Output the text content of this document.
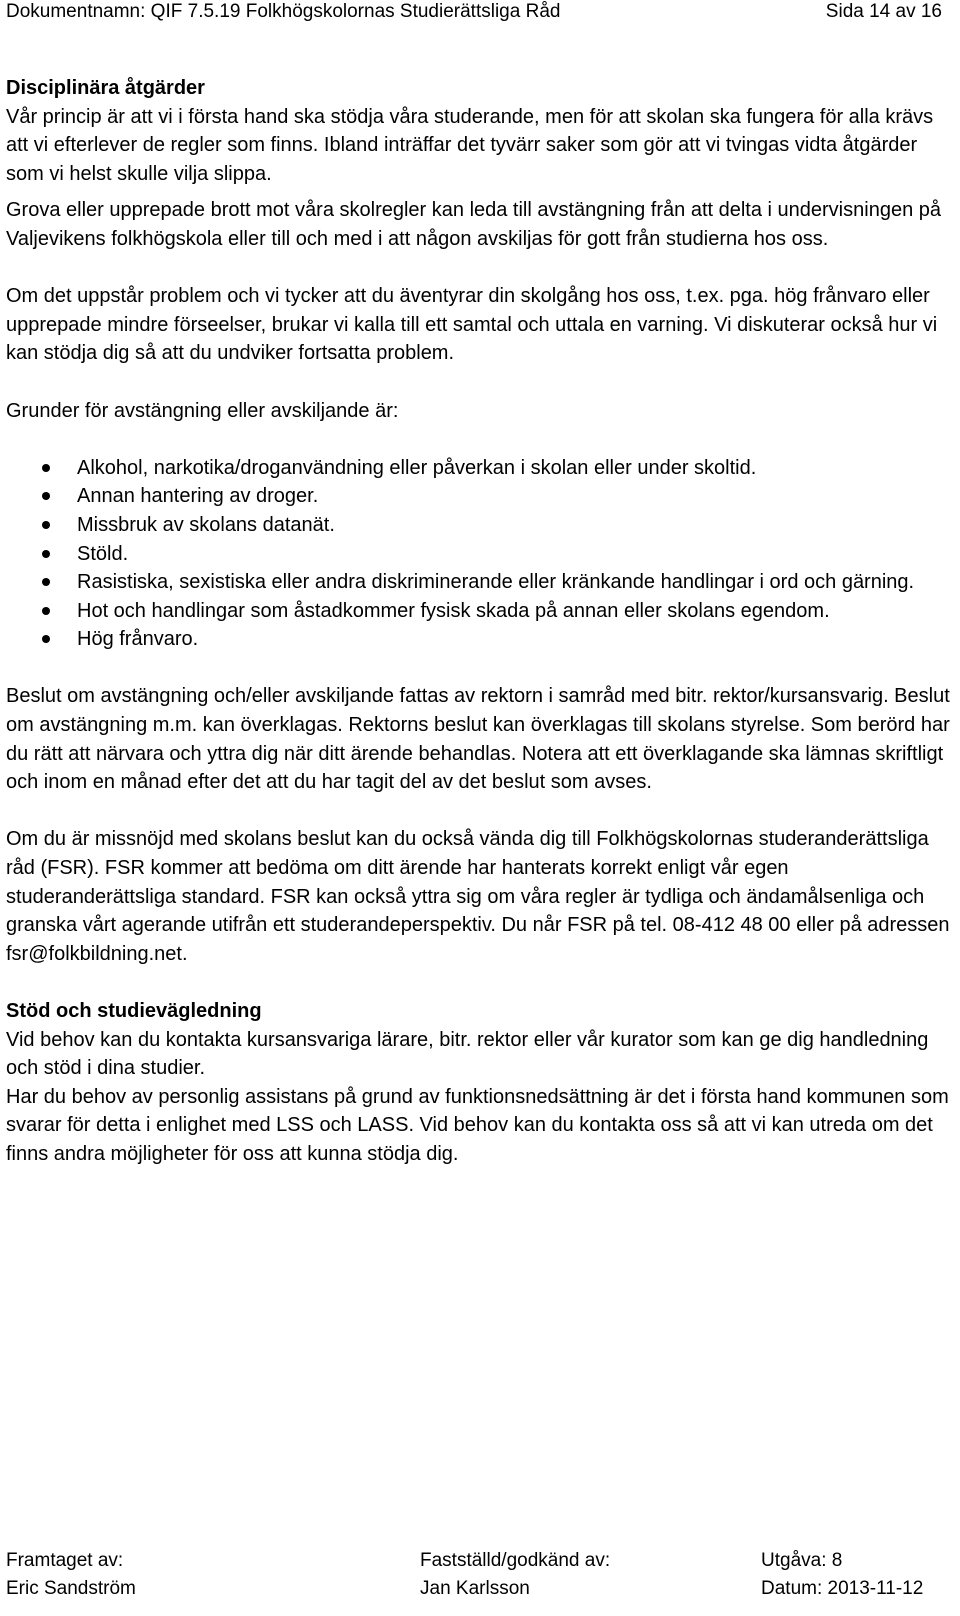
Dokumentnamn: QIF 7.5.19 Folkhögskolornas Studierättsliga Råd	Sida 14 av 16
Disciplinära åtgärder

Vår princip är att vi i första hand ska stödja våra studerande, men för att skolan ska fungera för alla krävs att vi efterlever de regler som finns. Ibland inträffar det tyvärr saker som gör att vi tvingas vidta åtgärder som vi helst skulle vilja slippa.

Grova eller upprepade brott mot våra skolregler kan leda till avstängning från att delta i undervisningen på Valjevikens folkhögskola eller till och med i att någon avskiljas för gott från studierna hos oss.

Om det uppstår problem och vi tycker att du äventyrar din skolgång hos oss, t.ex. pga. hög frånvaro eller upprepade mindre förseelser, brukar vi kalla till ett samtal och uttala en varning. Vi diskuterar också hur vi kan stödja dig så att du undviker fortsatta problem.

Grunder för avstängning eller avskiljande är:

Alkohol, narkotika/droganvändning eller påverkan i skolan eller under skoltid.
Annan hantering av droger.
Missbruk av skolans datanät.
Stöld.
Rasistiska, sexistiska eller andra diskriminerande eller kränkande handlingar i ord och gärning.
Hot och handlingar som åstadkommer fysisk skada på annan eller skolans egendom.
Hög frånvaro.

Beslut om avstängning och/eller avskiljande fattas av rektorn i samråd med bitr. rektor/kursansvarig. Beslut om avstängning m.m. kan överklagas. Rektorns beslut kan överklagas till skolans styrelse. Som berörd har du rätt att närvara och yttra dig när ditt ärende behandlas. Notera att ett överklagande ska lämnas skriftligt och inom en månad efter det att du har tagit del av det beslut som avses.

Om du är missnöjd med skolans beslut kan du också vända dig till Folkhögskolornas studeranderättsliga råd (FSR). FSR kommer att bedöma om ditt ärende har hanterats korrekt enligt vår egen studeranderättsliga standard. FSR kan också yttra sig om våra regler är tydliga och ändamålsenliga och granska vårt agerande utifrån ett studerandeperspektiv. Du når FSR på tel. 08-412 48 00 eller på adressen fsr@folkbildning.net.

Stöd och studievägledning

Vid behov kan du kontakta kursansvariga lärare, bitr. rektor eller vår kurator som kan ge dig handledning och stöd i dina studier.

Har du behov av personlig assistans på grund av funktionsnedsättning är det i första hand kommunen som svarar för detta i enlighet med LSS och LASS. Vid behov kan du kontakta oss så att vi kan utreda om det finns andra möjligheter för oss att kunna stödja dig.

Framtaget av:
Eric Sandström
Fastställd/godkänd av:
Jan Karlsson
Utgåva: 8
Datum: 2013-11-12
